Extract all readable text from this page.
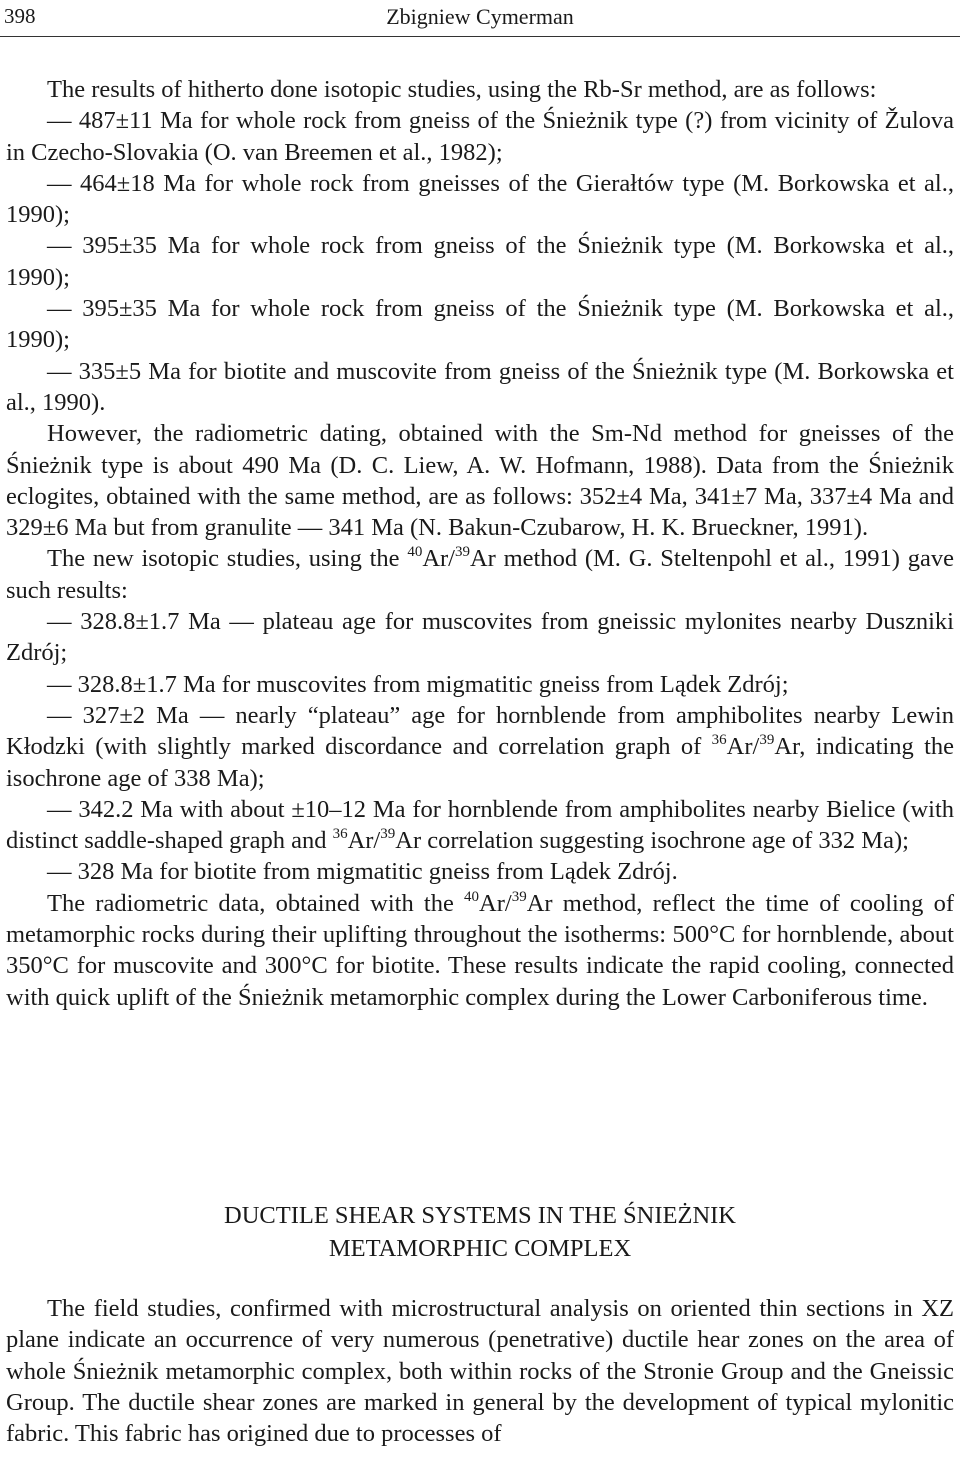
398	Zbigniew Cymerman

The results of hitherto done isotopic studies, using the Rb-Sr method, are as follows:

— 487±11 Ma for whole rock from gneiss of the Śnieżnik type (?) from vicinity of Žulova in Czecho-Slovakia (O. van Breemen et al., 1982);

— 464±18 Ma for whole rock from gneisses of the Gierałtów type (M. Borkowska et al., 1990);

— 395±35 Ma for whole rock from gneiss of the Śnieżnik type (M. Borkowska et al., 1990);

— 395±35 Ma for whole rock from gneiss of the Śnieżnik type (M. Borkowska et al., 1990);

— 335±5 Ma for biotite and muscovite from gneiss of the Śnieżnik type (M. Borkowska et al., 1990).

However, the radiometric dating, obtained with the Sm-Nd method for gneisses of the Śnieżnik type is about 490 Ma (D. C. Liew, A. W. Hofmann, 1988). Data from the Śnieżnik eclogites, obtained with the same method, are as follows: 352±4 Ma, 341±7 Ma, 337±4 Ma and 329±6 Ma but from granulite — 341 Ma (N. Bakun-Czubarow, H. K. Brueckner, 1991).

The new isotopic studies, using the $^{40}$Ar/$^{39}$Ar method (M. G. Steltenpohl et al., 1991) gave such results:

— 328.8±1.7 Ma — plateau age for muscovites from gneissic mylonites nearby Duszniki Zdrój;

— 328.8±1.7 Ma for muscovites from migmatitic gneiss from Lądek Zdrój;

— 327±2 Ma — nearly “plateau” age for hornblende from amphibolites nearby Lewin Kłodzki (with slightly marked discordance and correlation graph of $^{36}$Ar/$^{39}$Ar, indicating the isochrone age of 338 Ma);

— 342.2 Ma with about ±10–12 Ma for hornblende from amphibolites nearby Bielice (with distinct saddle-shaped graph and $^{36}$Ar/$^{39}$Ar correlation suggesting isochrone age of 332 Ma);

— 328 Ma for biotite from migmatitic gneiss from Lądek Zdrój.

The radiometric data, obtained with the $^{40}$Ar/$^{39}$Ar method, reflect the time of cooling of metamorphic rocks during their uplifting throughout the isotherms: 500°C for hornblende, about 350°C for muscovite and 300°C for biotite. These results indicate the rapid cooling, connected with quick uplift of the Śnieżnik metamorphic complex during the Lower Carboniferous time.

DUCTILE SHEAR SYSTEMS IN THE ŚNIEŻNIK
METAMORPHIC COMPLEX

The field studies, confirmed with microstructural analysis on oriented thin sections in XZ plane indicate an occurrence of very numerous (penetrative) ductile hear zones on the area of whole Śnieżnik metamorphic complex, both within rocks of the Stronie Group and the Gneissic Group. The ductile shear zones are marked in general by the development of typical mylonitic fabric. This fabric has origined due to processes of
